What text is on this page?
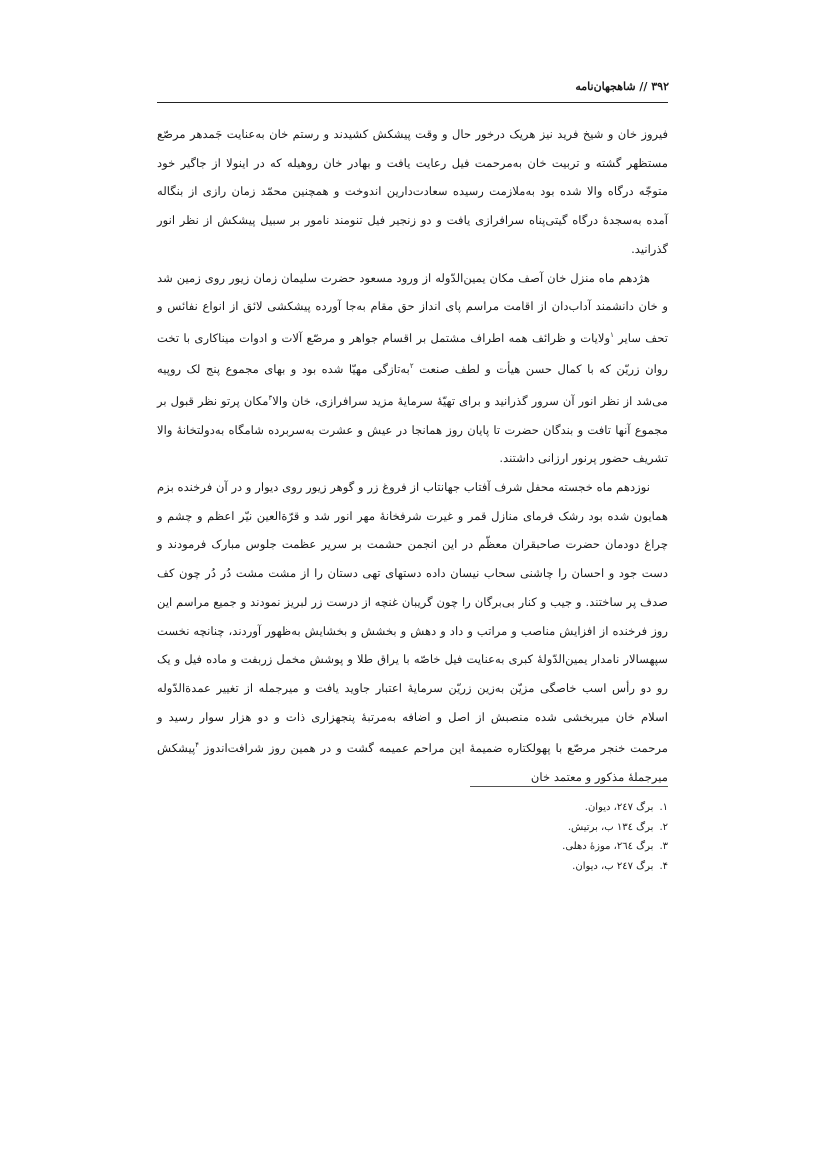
۳۹۲ // شاهجهان‌نامه

فیروز خان و شیخ فرید نیز هریک درخور حال و وقت پیشکش کشیدند و رستم خان به‌عنایت جَمدهر مرصّع مستظهر گشته و تربیت خان به‌مرحمت فیل رعایت یافت و بهادر خان روهیله که در اینولا از جاگیر خود متوجّه درگاه والا شده بود به‌ملازمت رسیده سعادت‌دارین اندوخت و همچنین محمّد زمان رازی از بنگاله آمده به‌سجدهٔ درگاه گیتی‌پناه سرافرازی یافت و دو زنجیر فیل تنومند نامور بر سبیل پیشکش از نظر انور گذرانید.

هژدهم ماه منزل خان آصف مکان یمین‌الدّوله از ورود مسعود حضرت سلیمان زمان زیور روی زمین شد و خان دانشمند آداب‌دان از اقامت مراسم پای انداز حق مقام به‌جا آورده پیشکشی لائق از انواع نفائس و تحف سایر $^۱$ولایات و ظرائف همه اطراف مشتمل بر اقسام جواهر و مرصّع آلات و ادوات میناکاری با تخت روان زریّن که با کمال حسن هیأت و لطف صنعت $^۲$به‌تازگی مهیّا شده بود و بهای مجموع پنج لک روپیه می‌شد از نظر انور آن سرور گذرانید و برای تهیّهٔ سرمایهٔ مزید سرافرازی، خان والا$^۳$مکان پرتو نظر قبول بر مجموع آنها تافت و بندگان حضرت تا پایان روز همانجا در عیش و عشرت به‌سربرده شامگاه به‌دولتخانهٔ والا تشریف حضور پرنور ارزانی داشتند.

نوزدهم ماه خجسته محفل شرف آفتاب جهانتاب از فروغ زر و گوهر زیور روی دیوار و در آن فرخنده بزم همایون شده بود رشک فرمای منازل قمر و غیرت شرفخانهٔ مهر انور شد و قرّةالعین نیّر اعظم و چشم و چراغ دودمان حضرت صاحبقران معظّم در این انجمن حشمت بر سریر عظمت جلوس مبارک فرمودند و دست جود و احسان را چاشنی سحاب نیسان داده دستهای تهی دستان را از مشت مشت دُر دُر چون کف صدف پر ساختند. و جیب و کنار بی‌برگان را چون گریبان غنچه از درست زر لبریز نمودند و جمیع مراسم این روز فرخنده از افزایش مناصب و مراتب و داد و دهش و بخشش و بخشایش به‌ظهور آوردند، چنانچه نخست سپهسالار نامدار یمین‌الدّولهٔ کبری به‌عنایت فیل خاصّه با یراق طلا و پوشش مخمل زربفت و ماده فیل و یک رو دو رأس اسب خاصگی مزیّن به‌زین زریّن سرمایهٔ اعتبار جاوید یافت و میرجمله از تغییر عمدةالدّوله اسلام خان میربخشی شده منصبش از اصل و اضافه به‌مرتبهٔ پنجهزاری ذات و دو هزار سوار رسید و مرحمت خنجر مرصّع با پهولکتاره ضمیمهٔ این مراحم عمیمه گشت و در همین روز شرافت‌اندوز $^۴$پیشکش میرجملهٔ مذکور و معتمد خان

۱.برگ ۲٤۷، دیوان.
۲.برگ ۱۳٤ ب، برتیش.
۳.برگ ۲٦٤، موزهٔ دهلی.
۴.برگ ۲٤۷ ب، دیوان.
